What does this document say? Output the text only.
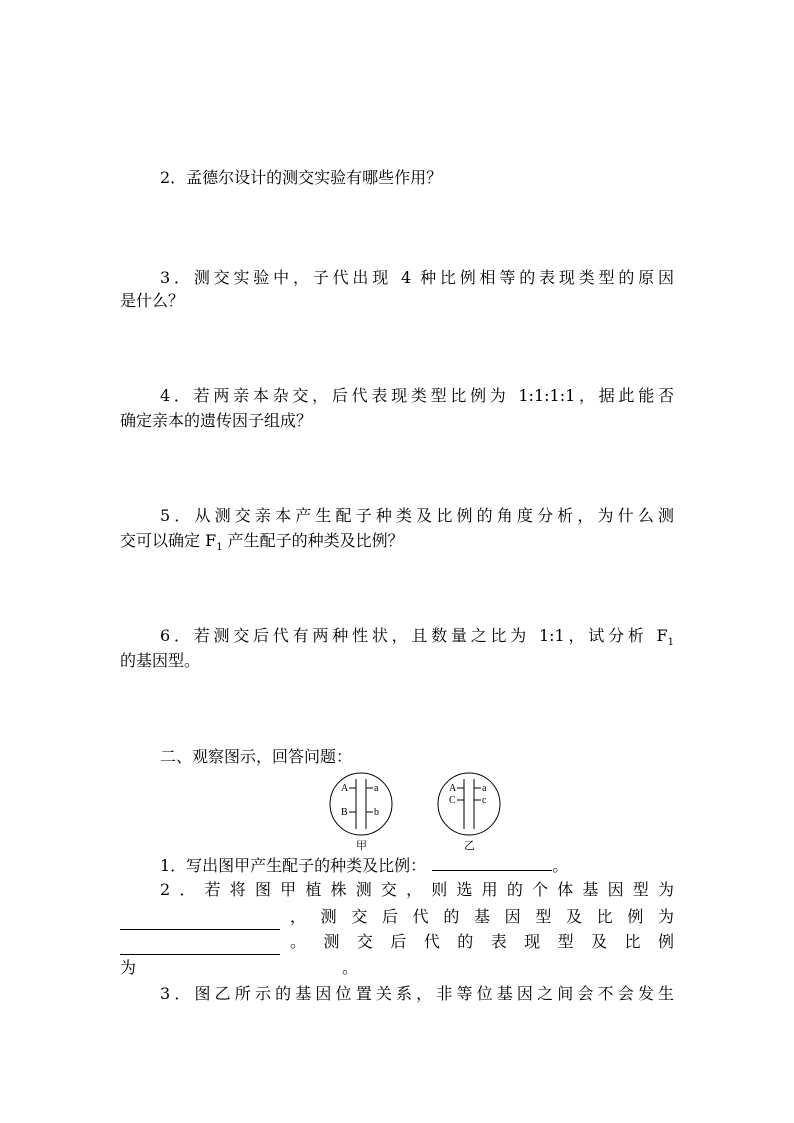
2．孟德尔设计的测交实验有哪些作用？
3．测交实验中，子代出现 4 种比例相等的表现类型的原因
是什么？
4．若两亲本杂交，后代表现类型比例为 1:1:1:1，据此能否
确定亲本的遗传因子组成？
5．从测交亲本产生配子种类及比例的角度分析，为什么测
交可以确定 $F_1$ 产生配子的种类及比例？
6．若测交后代有两种性状，且数量之比为 1:1，试分析 $F_1$
的基因型。
二、观察图示，回答问题：
A	a
B	b
甲
A	a
C	c
乙
1．写出图甲产生配子的种类及比例：	。
2．若将图甲植株测交，则选用的个体基因型为
，测交后代的基因型及比例为
。测交后代的表现型及比例
为	。
3．图乙所示的基因位置关系，非等位基因之间会不会发生
